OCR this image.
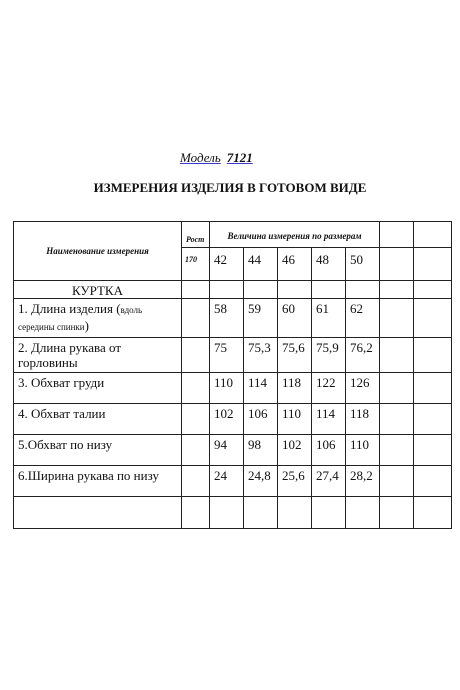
Модель 7121
ИЗМЕРЕНИЯ ИЗДЕЛИЯ В ГОТОВОМ ВИДЕ
Наименование измерения	Рост	Величина измерения по размерам						
	170	42	44	46	48	50		
КУРТКА								
1. Длина изделия (вдоль середины спинки)		58	59	60	61	62		
2. Длина рукава от горловины		75	75,3	75,6	75,9	76,2		
3. Обхват груди		110	114	118	122	126		
4. Обхват талии		102	106	110	114	118		
5.Обхват по низу		94	98	102	106	110		
6.Ширина рукава по низу		24	24,8	25,6	27,4	28,2		
